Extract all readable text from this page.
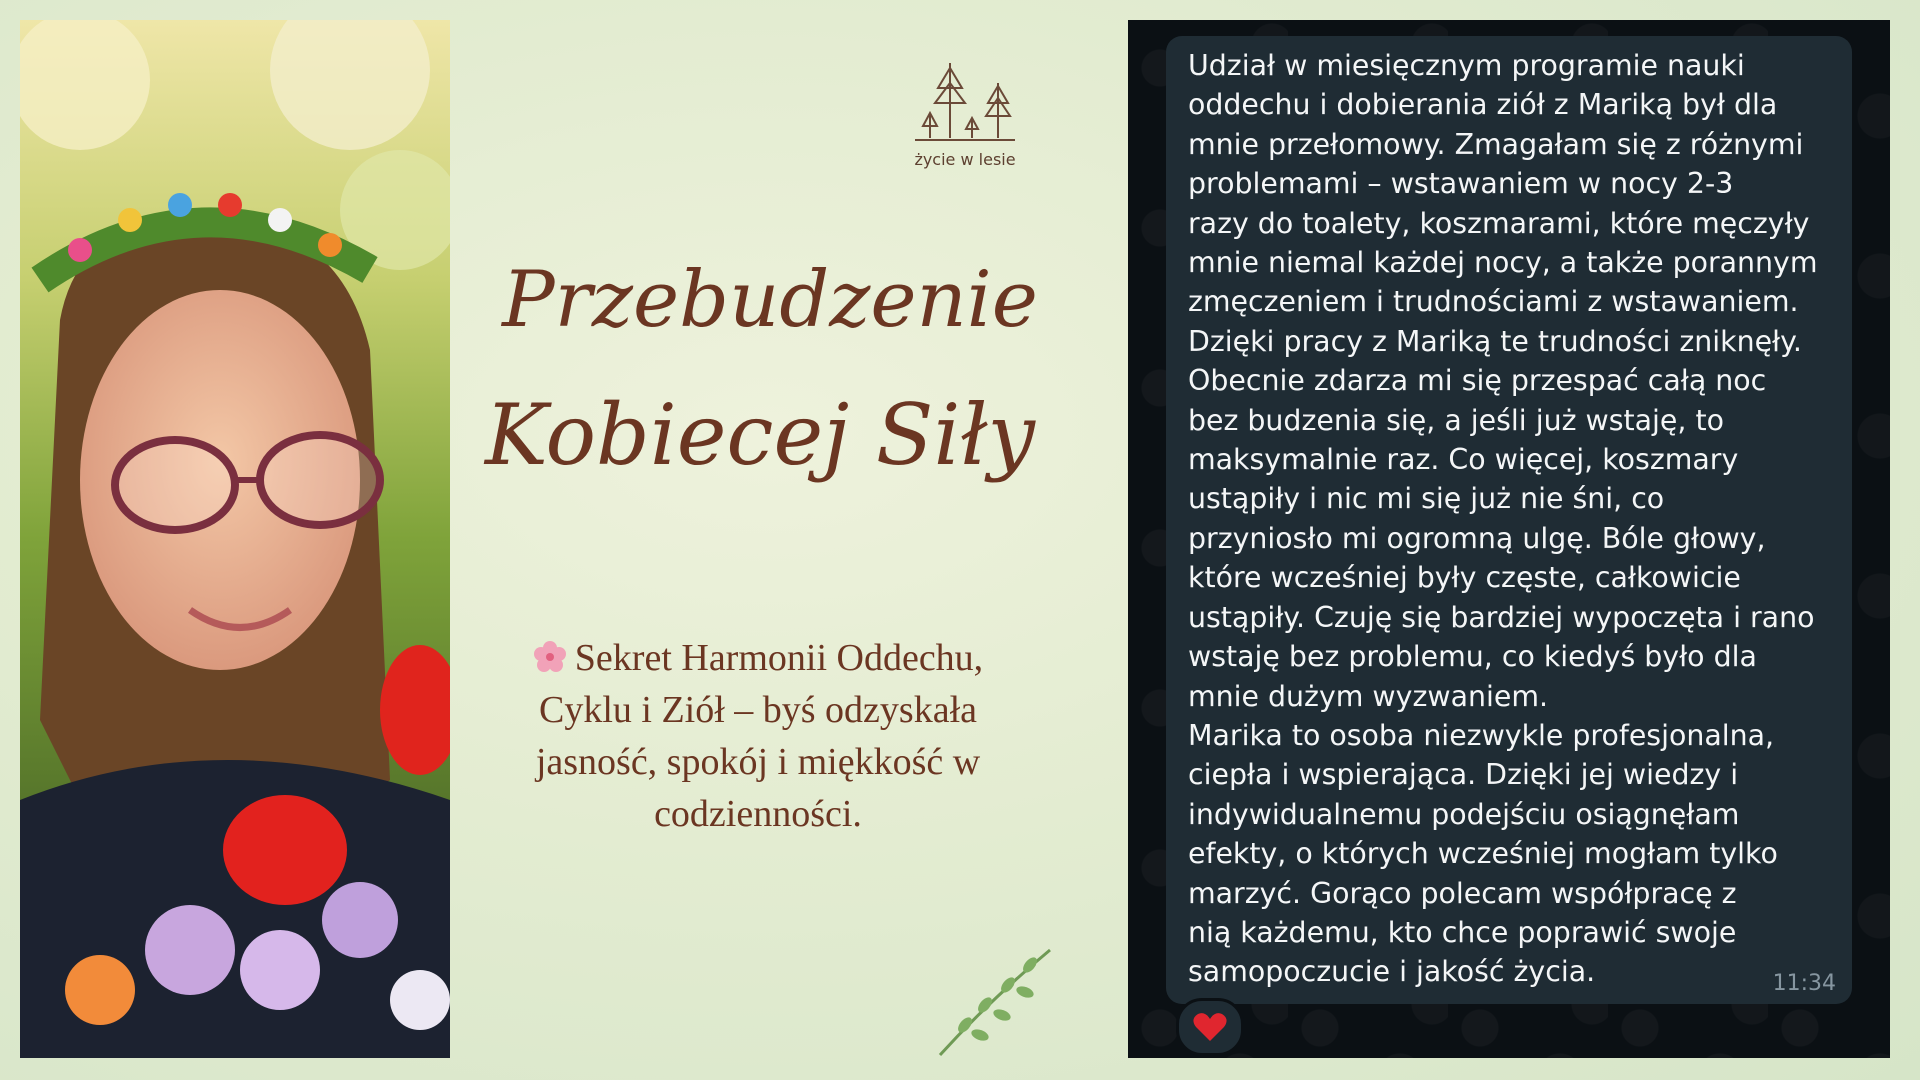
życie w lesie
Przebudzenie
Kobiecej Siły
Sekret Harmonii Oddechu, Cyklu i Ziół – byś odzyskała jasność, spokój i miękkość w codzienności.
Udział w miesięcznym programie nauki
oddechu i dobierania ziół z Mariką był dla
mnie przełomowy. Zmagałam się z różnymi
problemami – wstawaniem w nocy 2-3
razy do toalety, koszmarami, które męczyły
mnie niemal każdej nocy, a także porannym
zmęczeniem i trudnościami z wstawaniem.
Dzięki pracy z Mariką te trudności zniknęły.
Obecnie zdarza mi się przespać całą noc
bez budzenia się, a jeśli już wstaję, to
maksymalnie raz. Co więcej, koszmary
ustąpiły i nic mi się już nie śni, co
przyniosło mi ogromną ulgę. Bóle głowy,
które wcześniej były częste, całkowicie
ustąpiły. Czuję się bardziej wypoczęta i rano
wstaję bez problemu, co kiedyś było dla
mnie dużym wyzwaniem.
Marika to osoba niezwykle profesjonalna,
ciepła i wspierająca. Dzięki jej wiedzy i
indywidualnemu podejściu osiągnęłam
efekty, o których wcześniej mogłam tylko
marzyć. Gorąco polecam współpracę z
nią każdemu, kto chce poprawić swoje
samopoczucie i jakość życia.	11:34
